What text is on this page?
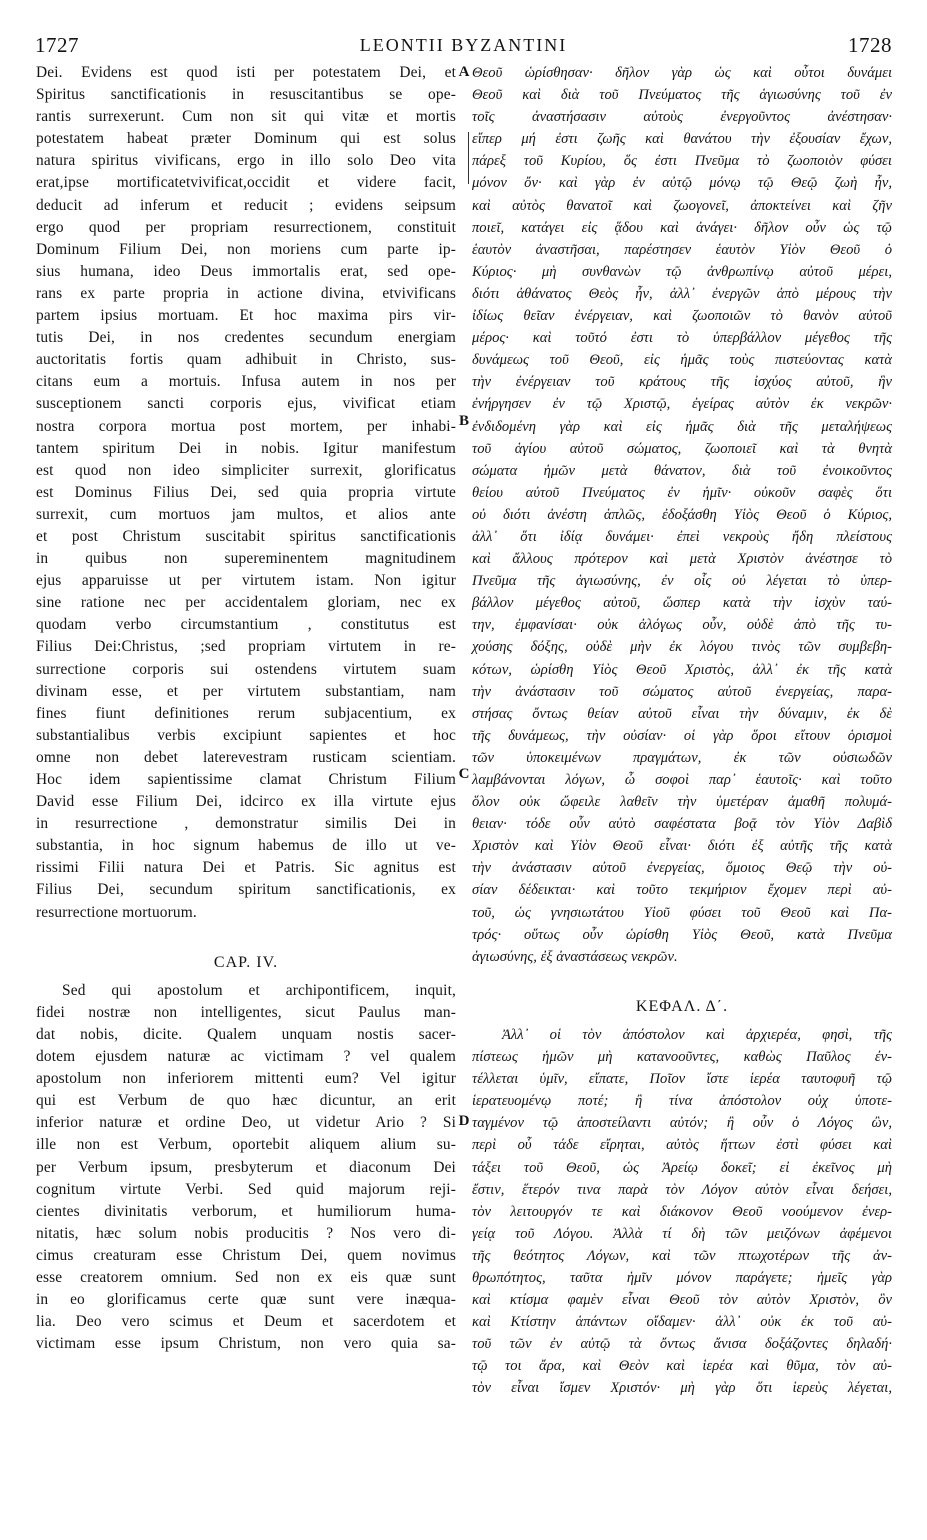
1727	LEONTII BYZANTINI	1728
Dei. Evidens est quod isti per potestatem Dei, et
Spiritus sanctificationis in resuscitantibus se ope-
rantis surrexerunt. Cum non sit qui vitæ et mortis
potestatem habeat præter Dominum qui est solus
natura spiritus vivificans, ergo in illo solo Deo vita
erat,ipse mortificatetvivificat,occidit et videre facit,
deducit ad inferum et reducit ; evidens seipsum
ergo quod per propriam resurrectionem, constituit
Dominum Filium Dei, non moriens cum parte ip-
sius humana, ideo Deus immortalis erat, sed ope-
rans ex parte propria in actione divina, etvivificans
partem ipsius mortuam. Et hoc maxima pirs vir-
tutis Dei, in nos credentes secundum energiam
auctoritatis fortis quam adhibuit in Christo, sus-
citans eum a mortuis. Infusa autem in nos per
susceptionem sancti corporis ejus, vivificat etiam
nostra corpora mortua post mortem, per inhabi-
tantem spiritum Dei in nobis. Igitur manifestum
est quod non ideo simpliciter surrexit, glorificatus
est Dominus Filius Dei, sed quia propria virtute
surrexit, cum mortuos jam multos, et alios ante
et post Christum suscitabit spiritus sanctificationis
in quibus non supereminentem magnitudinem
ejus apparuisse ut per virtutem istam. Non igitur
sine ratione nec per accidentalem gloriam, nec ex
quodam verbo circumstantium , constitutus est
Filius Dei:Christus, ;sed propriam virtutem in re-
surrectione corporis sui ostendens virtutem suam
divinam esse, et per virtutem substantiam, nam
fines fiunt definitiones rerum subjacentium, ex
substantialibus verbis excipiunt sapientes et hoc
omne non debet laterevestram rusticam scientiam.
Hoc idem sapientissime clamat Christum Filium
David esse Filium Dei, idcirco ex illa virtute ejus
in resurrectione , demonstratur similis Dei in
substantia, in hoc signum habemus de illo ut ve-
rissimi Filii natura Dei et Patris. Sic agnitus est
Filius Dei, secundum spiritum sanctificationis, ex
resurrectione mortuorum.
CAP. IV.
Sed qui apostolum et archipontificem, inquit,
fidei nostræ non intelligentes, sicut Paulus man-
dat nobis, dicite. Qualem unquam nostis sacer-
dotem ejusdem naturæ ac victimam ? vel qualem
apostolum non inferiorem mittenti eum? Vel igitur
qui est Verbum de quo hæc dicuntur, an erit
inferior naturæ et ordine Deo, ut videtur Ario ? Si
ille non est Verbum, oportebit aliquem alium su-
per Verbum ipsum, presbyterum et diaconum Dei
cognitum virtute Verbi. Sed quid majorum reji-
cientes divinitatis verborum, et humiliorum huma-
nitatis, hæc solum nobis producitis ? Nos vero di-
cimus creaturam esse Christum Dei, quem novimus
esse creatorem omnium. Sed non ex eis quæ sunt
in eo glorificamus certe quæ sunt vere inæqua-
lia. Deo vero scimus et Deum et sacerdotem et
victimam esse ipsum Christum, non vero quia sa-
Θεοῦ ὡρίσθησαν· δῆλον γὰρ ὡς καὶ οὗτοι δυνάμει
Θεοῦ καὶ διὰ τοῦ Πνεύματος τῆς ἁγιωσύνης τοῦ ἐν
τοῖς ἀναστήσασιν αὐτοὺς ἐνεργοῦντος ἀνέστησαν·
εἴπερ μή ἐστι ζωῆς καὶ θανάτου τὴν ἐξουσίαν ἔχων,
πάρεξ τοῦ Κυρίου, ὅς ἐστι Πνεῦμα τὸ ζωοποιὸν φύσει
μόνον ὄν· καὶ γὰρ ἐν αὐτῷ μόνῳ τῷ Θεῷ ζωὴ ἦν,
καὶ αὐτὸς θανατοῖ καὶ ζωογονεῖ, ἀποκτείνει καὶ ζῆν
ποιεῖ, κατάγει εἰς ᾅδου καὶ ἀνάγει· δῆλον οὖν ὡς τῷ
ἑαυτὸν ἀναστῆσαι, παρέστησεν ἑαυτὸν Υἱὸν Θεοῦ ὁ
Κύριος· μὴ συνθανὼν τῷ ἀνθρωπίνῳ αὐτοῦ μέρει,
διότι ἀθάνατος Θεὸς ἦν, ἀλλ᾽ ἐνεργῶν ἀπὸ μέρους τὴν
ἰδίως θεῖαν ἐνέργειαν, καὶ ζωοποιῶν τὸ θανὸν αὐτοῦ
μέρος· καὶ τοῦτό ἐστι τὸ ὑπερβάλλον μέγεθος τῆς
δυνάμεως τοῦ Θεοῦ, εἰς ἡμᾶς τοὺς πιστεύοντας κατὰ
τὴν ἐνέργειαν τοῦ κράτους τῆς ἰσχύος αὐτοῦ, ἣν
ἐνήργησεν ἐν τῷ Χριστῷ, ἐγείρας αὐτὸν ἐκ νεκρῶν·
ἐνδιδομένη γὰρ καὶ εἰς ἡμᾶς διὰ τῆς μεταλήψεως
τοῦ ἁγίου αὐτοῦ σώματος, ζωοποιεῖ καὶ τὰ θνητὰ
σώματα ἡμῶν μετὰ θάνατον, διὰ τοῦ ἐνοικοῦντος
θείου αὐτοῦ Πνεύματος ἐν ἡμῖν· οὐκοῦν σαφὲς ὅτι
οὐ διότι ἀνέστη ἁπλῶς, ἐδοξάσθη Υἱὸς Θεοῦ ὁ Κύριος,
ἀλλ᾽ ὅτι ἰδίᾳ δυνάμει· ἐπεὶ νεκροὺς ἤδη πλείστους
καὶ ἄλλους πρότερον καὶ μετὰ Χριστὸν ἀνέστησε τὸ
Πνεῦμα τῆς ἁγιωσύνης, ἐν οἷς οὐ λέγεται τὸ ὑπερ-
βάλλον μέγεθος αὐτοῦ, ὥσπερ κατὰ τὴν ἰσχὺν ταύ-
την, ἐμφανίσαι· οὐκ ἀλόγως οὖν, οὐδὲ ἀπὸ τῆς τυ-
χούσης δόξης, οὐδὲ μὴν ἐκ λόγου τινὸς τῶν συμβεβη-
κότων, ὡρίσθη Υἱὸς Θεοῦ Χριστὸς, ἀλλ᾽ ἐκ τῆς κατὰ
τὴν ἀνάστασιν τοῦ σώματος αὐτοῦ ἐνεργείας, παρα-
στήσας ὄντως θείαν αὐτοῦ εἶναι τὴν δύναμιν, ἐκ δὲ
τῆς δυνάμεως, τὴν οὐσίαν· οἱ γὰρ ὅροι εἴτουν ὁρισμοὶ
τῶν ὑποκειμένων πραγμάτων, ἐκ τῶν οὐσιωδῶν
λαμβάνονται λόγων, ὦ σοφοὶ παρ᾽ ἑαυτοῖς· καὶ τοῦτο
ὅλον οὐκ ὤφειλε λαθεῖν τὴν ὑμετέραν ἀμαθῆ πολυμά-
θειαν· τόδε οὖν αὐτὸ σαφέστατα βοᾷ τὸν Υἱὸν Δαβὶδ
Χριστὸν καὶ Υἱὸν Θεοῦ εἶναι· διότι ἐξ αὐτῆς τῆς κατὰ
τὴν ἀνάστασιν αὐτοῦ ἐνεργείας, ὅμοιος Θεῷ τὴν οὐ-
σίαν δέδεικται· καὶ τοῦτο τεκμήριον ἔχομεν περὶ αὐ-
τοῦ, ὡς γνησιωτάτου Υἱοῦ φύσει τοῦ Θεοῦ καὶ Πα-
τρός· οὕτως οὖν ὡρίσθη Υἱὸς Θεοῦ, κατὰ Πνεῦμα
ἁγιωσύνης, ἐξ ἀναστάσεως νεκρῶν.
ΚΕΦΑΛ. Δ΄.
Ἀλλ᾽ οἱ τὸν ἀπόστολον καὶ ἀρχιερέα, φησὶ, τῆς
πίστεως ἡμῶν μὴ κατανοοῦντες, καθὼς Παῦλος ἐν-
τέλλεται ὑμῖν, εἴπατε, Ποῖον ἴστε ἱερέα ταυτοφυῆ τῷ
ἱερατευομένῳ ποτέ; ἢ τίνα ἀπόστολον οὐχ ὑποτε-
ταγμένον τῷ ἀποστείλαντι αὐτόν; ἢ οὖν ὁ Λόγος ὢν,
περὶ οὗ τάδε εἴρηται, αὐτὸς ἥττων ἐστὶ φύσει καὶ
τάξει τοῦ Θεοῦ, ὡς Ἀρείῳ δοκεῖ; εἰ ἐκεῖνος μὴ
ἔστιν, ἕτερόν τινα παρὰ τὸν Λόγον αὐτὸν εἶναι δεήσει,
τὸν λειτουργόν τε καὶ διάκονον Θεοῦ νοούμενον ἐνερ-
γείᾳ τοῦ Λόγου. Ἀλλὰ τί δὴ τῶν μειζόνων ἀφέμενοι
τῆς θεότητος Λόγων, καὶ τῶν πτωχοτέρων τῆς ἀν-
θρωπότητος, ταῦτα ἡμῖν μόνον παράγετε; ἡμεῖς γὰρ
καὶ κτίσμα φαμὲν εἶναι Θεοῦ τὸν αὐτὸν Χριστὸν, ὃν
καὶ Κτίστην ἁπάντων οἴδαμεν· ἀλλ᾽ οὐκ ἐκ τοῦ αὐ-
τοῦ τῶν ἐν αὐτῷ τὰ ὄντως ἄνισα δοξάζοντες δηλαδή·
τῷ τοι ἄρα, καὶ Θεὸν καὶ ἱερέα καὶ θῦμα, τὸν αὐ-
τὸν εἶναι ἴσμεν Χριστόν· μὴ γὰρ ὅτι ἱερεὺς λέγεται,
A
B
C
D
